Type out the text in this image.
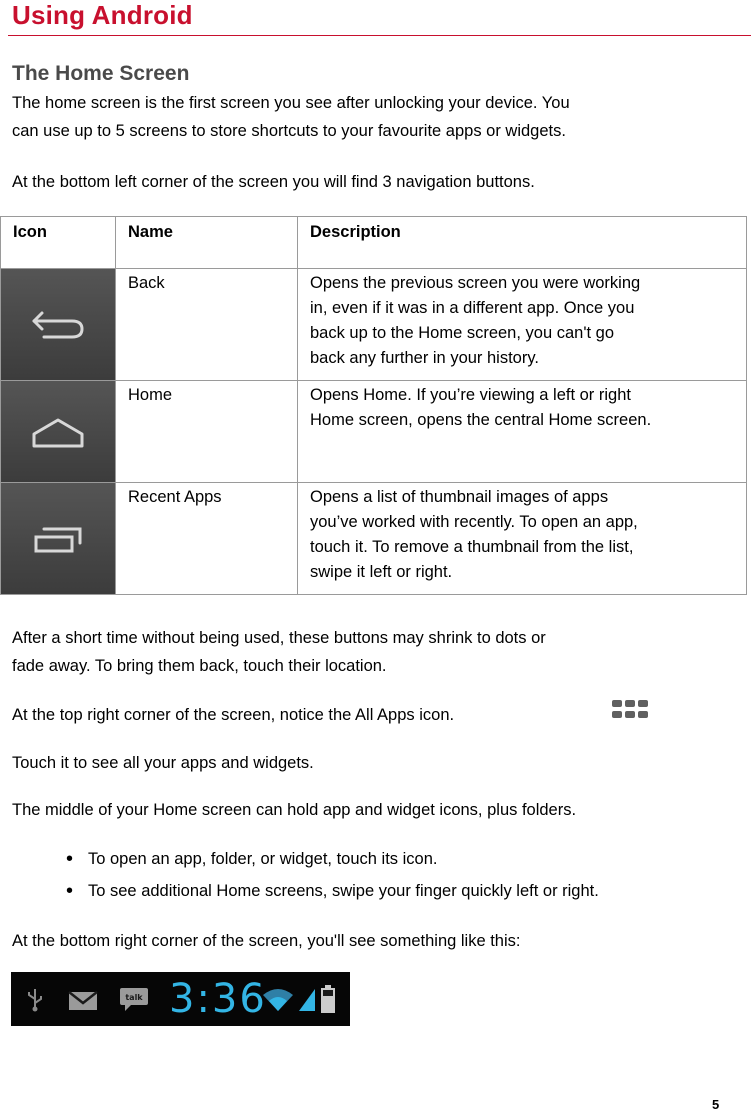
Using Android
The Home Screen
The home screen is the first screen you see after unlocking your device. You
can use up to 5 screens to store shortcuts to your favourite apps or widgets.
At the bottom left corner of the screen you will find 3 navigation buttons.
Icon	Name	Description

	Back	Opens the previous screen you were working
in, even if it was in a different app. Once you
back up to the Home screen, you can't go
back any further in your history.

	Home	Opens Home. If you’re viewing a left or right
Home screen, opens the central Home screen.

	Recent Apps	Opens a list of thumbnail images of apps
you’ve worked with recently. To open an app,
touch it. To remove a thumbnail from the list,
swipe it left or right.
After a short time without being used, these buttons may shrink to dots or
fade away. To bring them back, touch their location.
At the top right corner of the screen, notice the All Apps icon.
Touch it to see all your apps and widgets.
The middle of your Home screen can hold app and widget icons, plus folders.
• To open an app, folder, or widget, touch its icon.
• To see additional Home screens, swipe your finger quickly left or right.
At the bottom right corner of the screen, you'll see something like this:
talk 3:36
5
